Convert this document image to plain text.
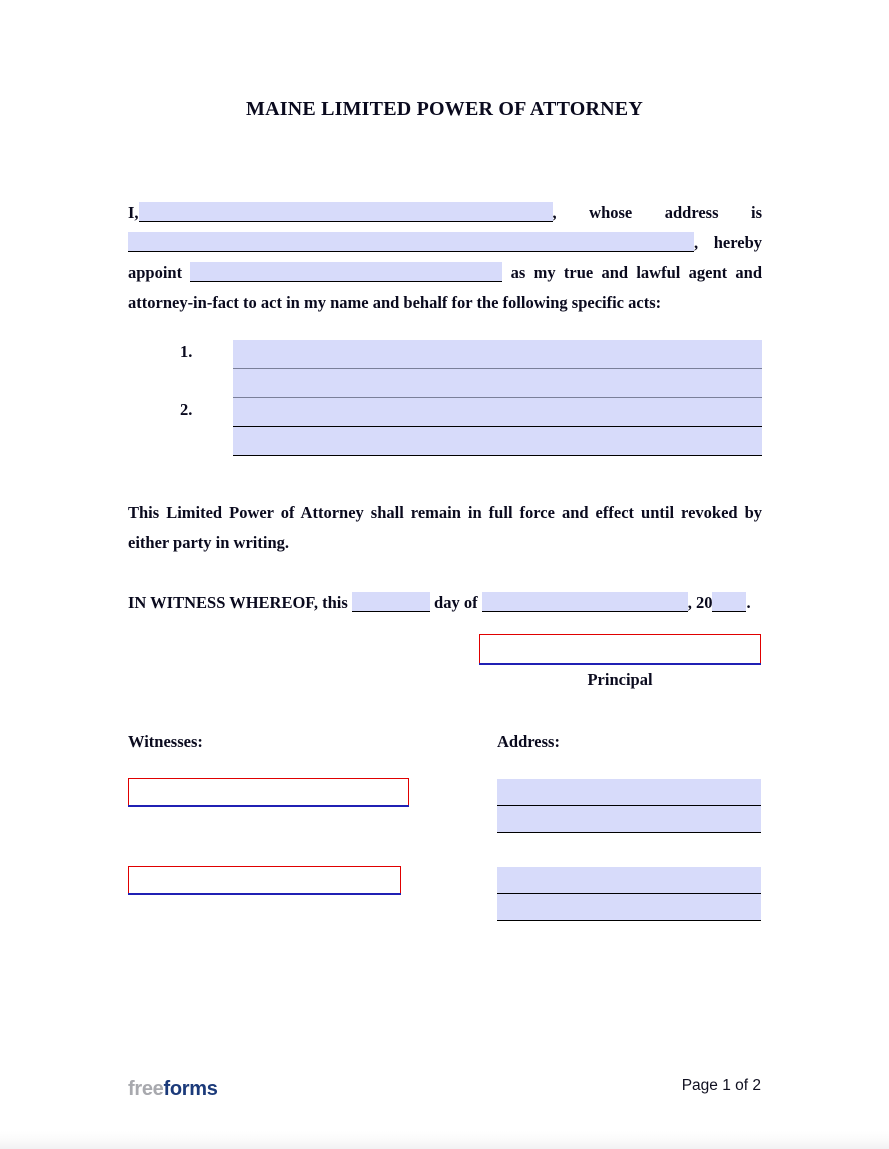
MAINE LIMITED POWER OF ATTORNEY
I,	, whose address is , hereby appoint	as my true and lawful agent and attorney-in-fact to act in my name and behalf for the following specific acts:
1.
2.
This Limited Power of Attorney shall remain in full force and effect until revoked by either party in writing.
IN WITNESS WHEREOF, this	day of	, 20 .
Principal
Witnesses:	Address:
freeforms	Page 1 of 2
